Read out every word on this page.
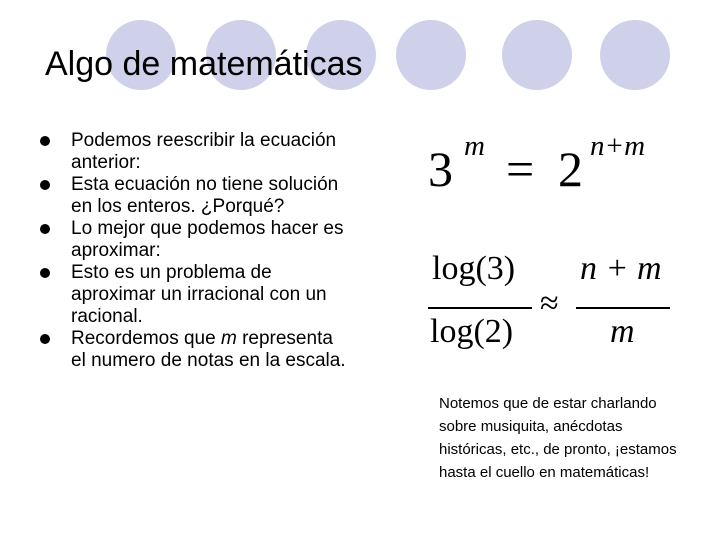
Algo de matemáticas
Podemos reescribir la ecuación anterior:
Esta ecuación no tiene solución en los enteros. ¿Porqué?
Lo mejor que podemos hacer es aproximar:
Esto es un problema de aproximar un irracional con un racional.
Recordemos que m representa el numero de notas en la escala.
3 m = 2 n+m
log(3)
log(2)
≈
n + m
m
Notemos que de estar charlando sobre musiquita, anécdotas históricas, etc., de pronto, ¡estamos hasta el cuello en matemáticas!
